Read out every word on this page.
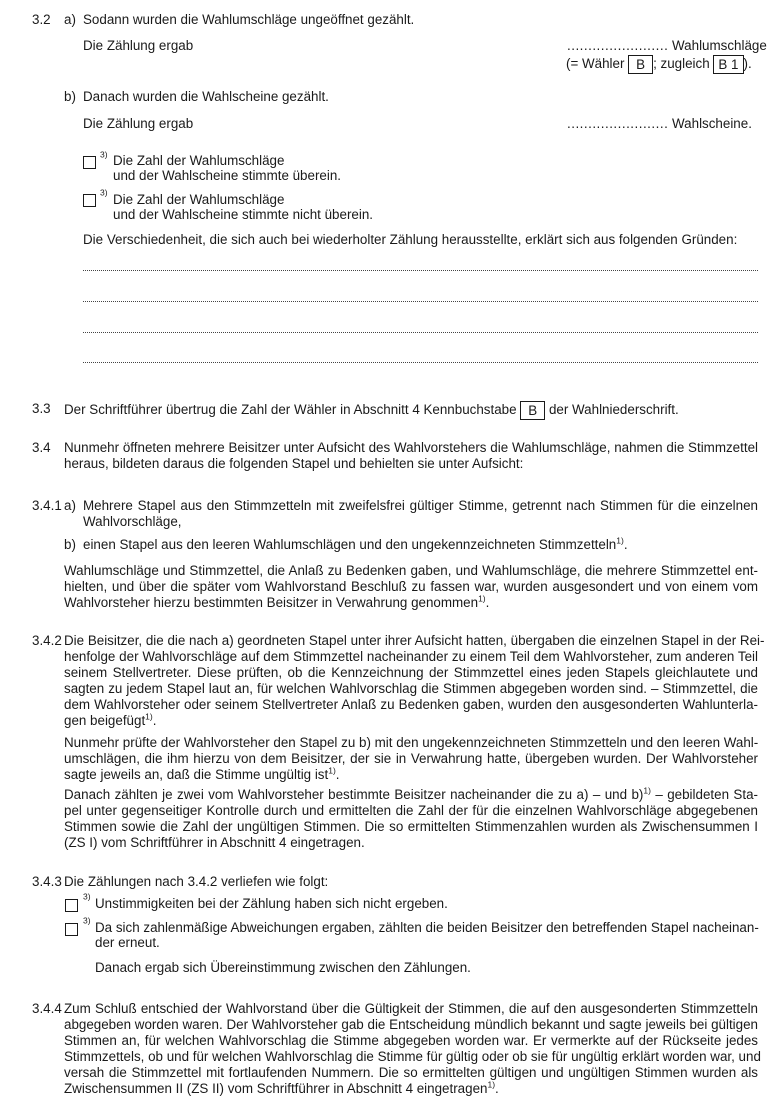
3.2 a) Sodann wurden die Wahlumschläge ungeöffnet gezählt.
Die Zählung ergab	........................ Wahlumschläge
(= Wähler B ; zugleich B 1 ).
b) Danach wurden die Wahlscheine gezählt.
Die Zählung ergab	........................ Wahlscheine.
$^{3)}$ Die Zahl der Wahlumschläge
und der Wahlscheine stimmte überein.
$^{3)}$ Die Zahl der Wahlumschläge
und der Wahlscheine stimmte nicht überein.
Die Verschiedenheit, die sich auch bei wiederholter Zählung herausstellte, erklärt sich aus folgenden Gründen:
3.3 Der Schriftführer übertrug die Zahl der Wähler in Abschnitt 4 Kennbuchstabe B der Wahlniederschrift.
3.4 Nunmehr öffneten mehrere Beisitzer unter Aufsicht des Wahlvorstehers die Wahlumschläge, nahmen die Stimmzettel
heraus, bildeten daraus die folgenden Stapel und behielten sie unter Aufsicht:
3.4.1 a) Mehrere Stapel aus den Stimmzetteln mit zweifelsfrei gültiger Stimme, getrennt nach Stimmen für die einzelnen
Wahlvorschläge,
b) einen Stapel aus den leeren Wahlumschlägen und den ungekennzeichneten Stimmzetteln$^{1)}$.
Wahlumschläge und Stimmzettel, die Anlaß zu Bedenken gaben, und Wahlumschläge, die mehrere Stimmzettel ent-
hielten, und über die später vom Wahlvorstand Beschluß zu fassen war, wurden ausgesondert und von einem vom
Wahlvorsteher hierzu bestimmten Beisitzer in Verwahrung genommen$^{1)}$.
3.4.2 Die Beisitzer, die die nach a) geordneten Stapel unter ihrer Aufsicht hatten, übergaben die einzelnen Stapel in der Rei-
henfolge der Wahlvorschläge auf dem Stimmzettel nacheinander zu einem Teil dem Wahlvorsteher, zum anderen Teil
seinem Stellvertreter. Diese prüften, ob die Kennzeichnung der Stimmzettel eines jeden Stapels gleichlautete und
sagten zu jedem Stapel laut an, für welchen Wahlvorschlag die Stimmen abgegeben worden sind. – Stimmzettel, die
dem Wahlvorsteher oder seinem Stellvertreter Anlaß zu Bedenken gaben, wurden den ausgesonderten Wahlunterla-
gen beigefügt$^{1)}$.
Nunmehr prüfte der Wahlvorsteher den Stapel zu b) mit den ungekennzeichneten Stimmzetteln und den leeren Wahl-
umschlägen, die ihm hierzu von dem Beisitzer, der sie in Verwahrung hatte, übergeben wurden. Der Wahlvorsteher
sagte jeweils an, daß die Stimme ungültig ist$^{1)}$.
Danach zählten je zwei vom Wahlvorsteher bestimmte Beisitzer nacheinander die zu a) – und b)$^{1)}$ – gebildeten Sta-
pel unter gegenseitiger Kontrolle durch und ermittelten die Zahl der für die einzelnen Wahlvorschläge abgegebenen
Stimmen sowie die Zahl der ungültigen Stimmen. Die so ermittelten Stimmenzahlen wurden als Zwischensummen I
(ZS I) vom Schriftführer in Abschnitt 4 eingetragen.
3.4.3 Die Zählungen nach 3.4.2 verliefen wie folgt:
$^{3)}$ Unstimmigkeiten bei der Zählung haben sich nicht ergeben.
$^{3)}$ Da sich zahlenmäßige Abweichungen ergaben, zählten die beiden Beisitzer den betreffenden Stapel nacheinan-
der erneut.
Danach ergab sich Übereinstimmung zwischen den Zählungen.
3.4.4 Zum Schluß entschied der Wahlvorstand über die Gültigkeit der Stimmen, die auf den ausgesonderten Stimmzetteln
abgegeben worden waren. Der Wahlvorsteher gab die Entscheidung mündlich bekannt und sagte jeweils bei gültigen
Stimmen an, für welchen Wahlvorschlag die Stimme abgegeben worden war. Er vermerkte auf der Rückseite jedes
Stimmzettels, ob und für welchen Wahlvorschlag die Stimme für gültig oder ob sie für ungültig erklärt worden war, und
versah die Stimmzettel mit fortlaufenden Nummern. Die so ermittelten gültigen und ungültigen Stimmen wurden als
Zwischensummen II (ZS II) vom Schriftführer in Abschnitt 4 eingetragen$^{1)}$.
